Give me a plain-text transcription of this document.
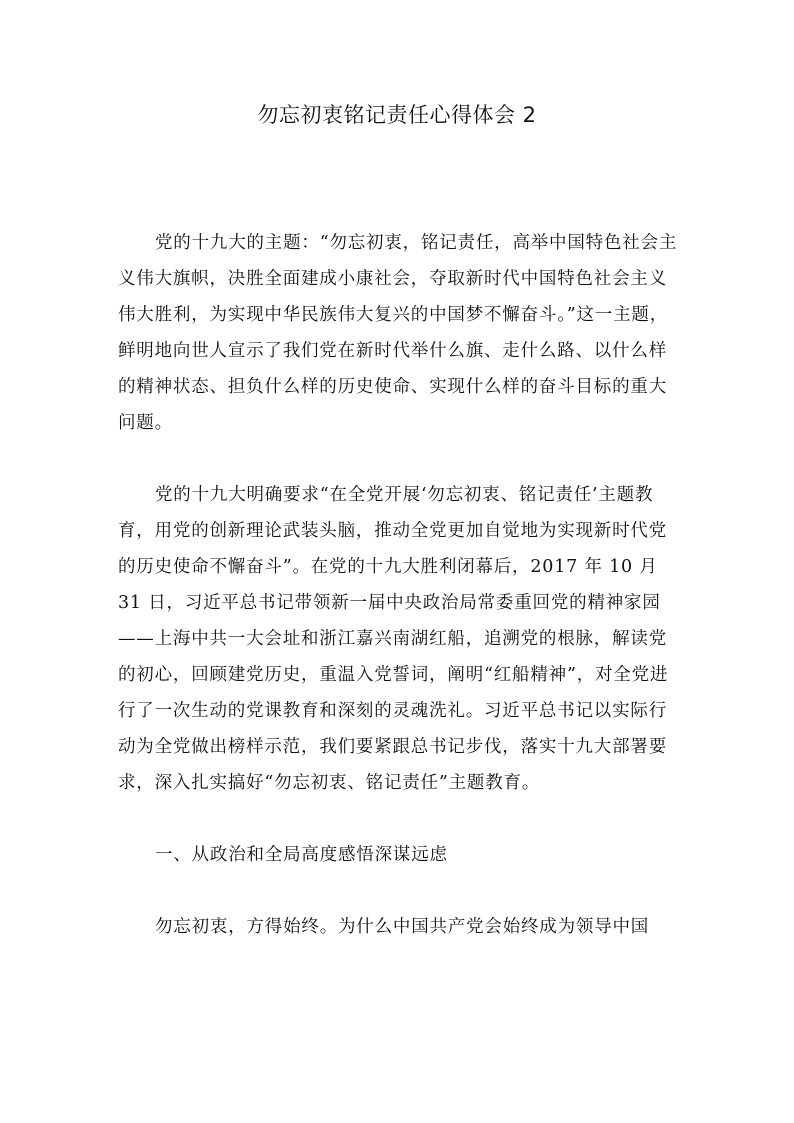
勿忘初衷铭记责任心得体会 2

党的十九大的主题：“勿忘初衷，铭记责任，高举中国特色社会主义伟大旗帜，决胜全面建成小康社会，夺取新时代中国特色社会主义伟大胜利，为实现中华民族伟大复兴的中国梦不懈奋斗。”这一主题，鲜明地向世人宣示了我们党在新时代举什么旗、走什么路、以什么样的精神状态、担负什么样的历史使命、实现什么样的奋斗目标的重大问题。

党的十九大明确要求“在全党开展‘勿忘初衷、铭记责任’主题教育，用党的创新理论武装头脑，推动全党更加自觉地为实现新时代党的历史使命不懈奋斗”。在党的十九大胜利闭幕后，2017 年 10 月 31 日，习近平总书记带领新一届中央政治局常委重回党的精神家园——上海中共一大会址和浙江嘉兴南湖红船，追溯党的根脉，解读党的初心，回顾建党历史，重温入党誓词，阐明“红船精神”，对全党进行了一次生动的党课教育和深刻的灵魂洗礼。习近平总书记以实际行动为全党做出榜样示范，我们要紧跟总书记步伐，落实十九大部署要求，深入扎实搞好“勿忘初衷、铭记责任”主题教育。

一、从政治和全局高度感悟深谋远虑

勿忘初衷，方得始终。为什么中国共产党会始终成为领导中国
